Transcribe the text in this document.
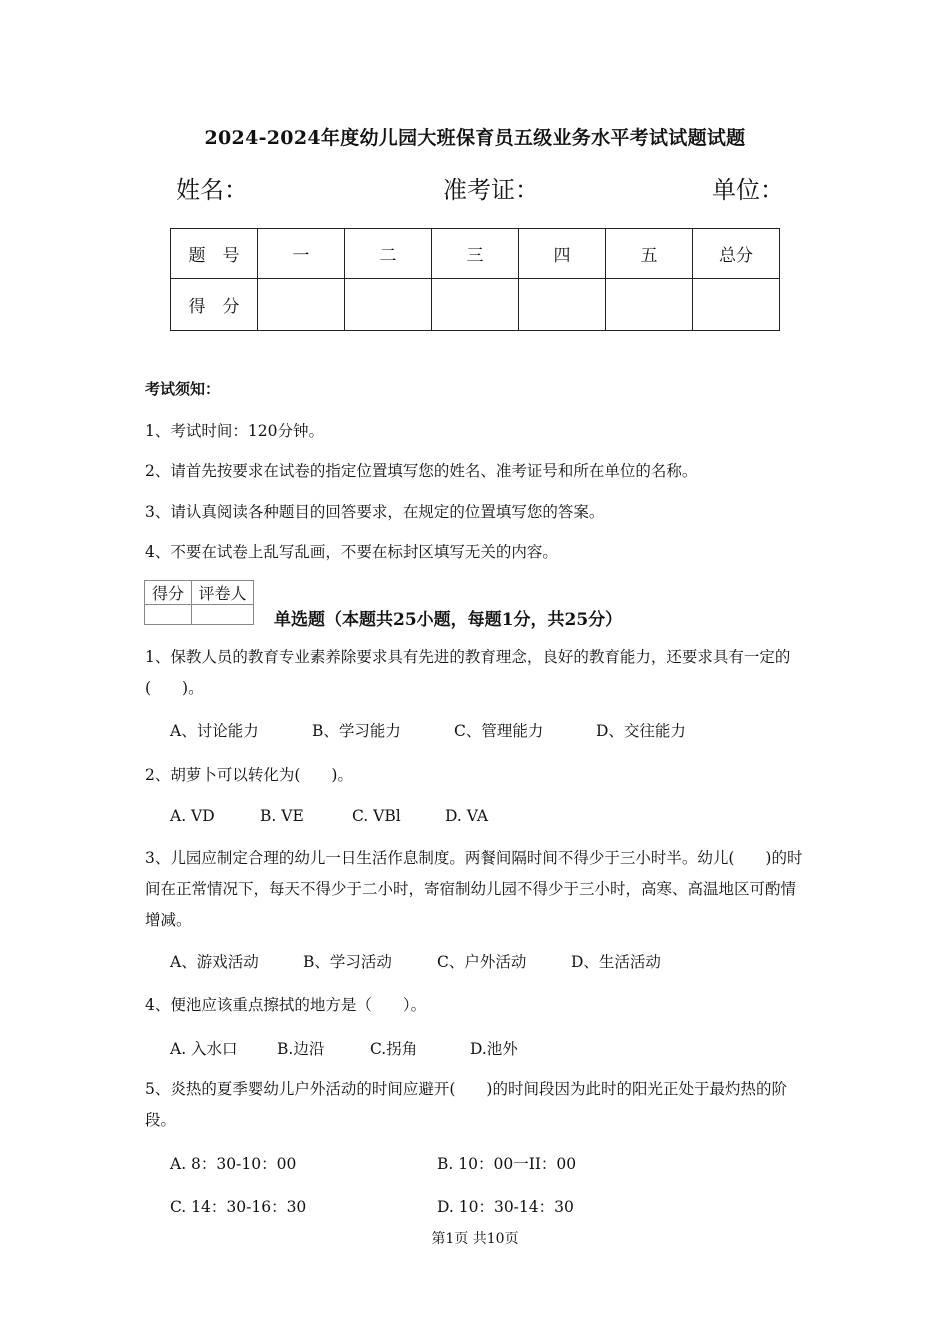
2024-2024年度幼儿园大班保育员五级业务水平考试试题试题
姓名：	准考证：	单位：
题　号	一	二	三	四	五	总分
得　分						
考试须知：
1、考试时间：120分钟。
2、请首先按要求在试卷的指定位置填写您的姓名、准考证号和所在单位的名称。
3、请认真阅读各种题目的回答要求，在规定的位置填写您的答案。
4、不要在试卷上乱写乱画，不要在标封区填写无关的内容。
得分	评卷人

单选题（本题共25小题，每题1分，共25分）
1、保教人员的教育专业素养除要求具有先进的教育理念，良好的教育能力，还要求具有一定的(　　)。
A、讨论能力	B、学习能力	C、管理能力	D、交往能力
2、胡萝卜可以转化为(　　)。
A. VD	B. VE	C. VBl	D. VA
3、儿园应制定合理的幼儿一日生活作息制度。两餐间隔时间不得少于三小时半。幼儿(　　)的时间在正常情况下，每天不得少于二小时，寄宿制幼儿园不得少于三小时，高寒、高温地区可酌情增减。
A、游戏活动	B、学习活动	C、户外活动	D、生活活动
4、便池应该重点擦拭的地方是（　　）。
A. 入水口	B.边沿	C.拐角	D.池外
5、炎热的夏季婴幼儿户外活动的时间应避开(　　)的时间段因为此时的阳光正处于最灼热的阶段。
A. 8：30-10：00	B. 10：00一II：00
C. 14：30-16：30	D. 10：30-14：30
第1页 共10页
